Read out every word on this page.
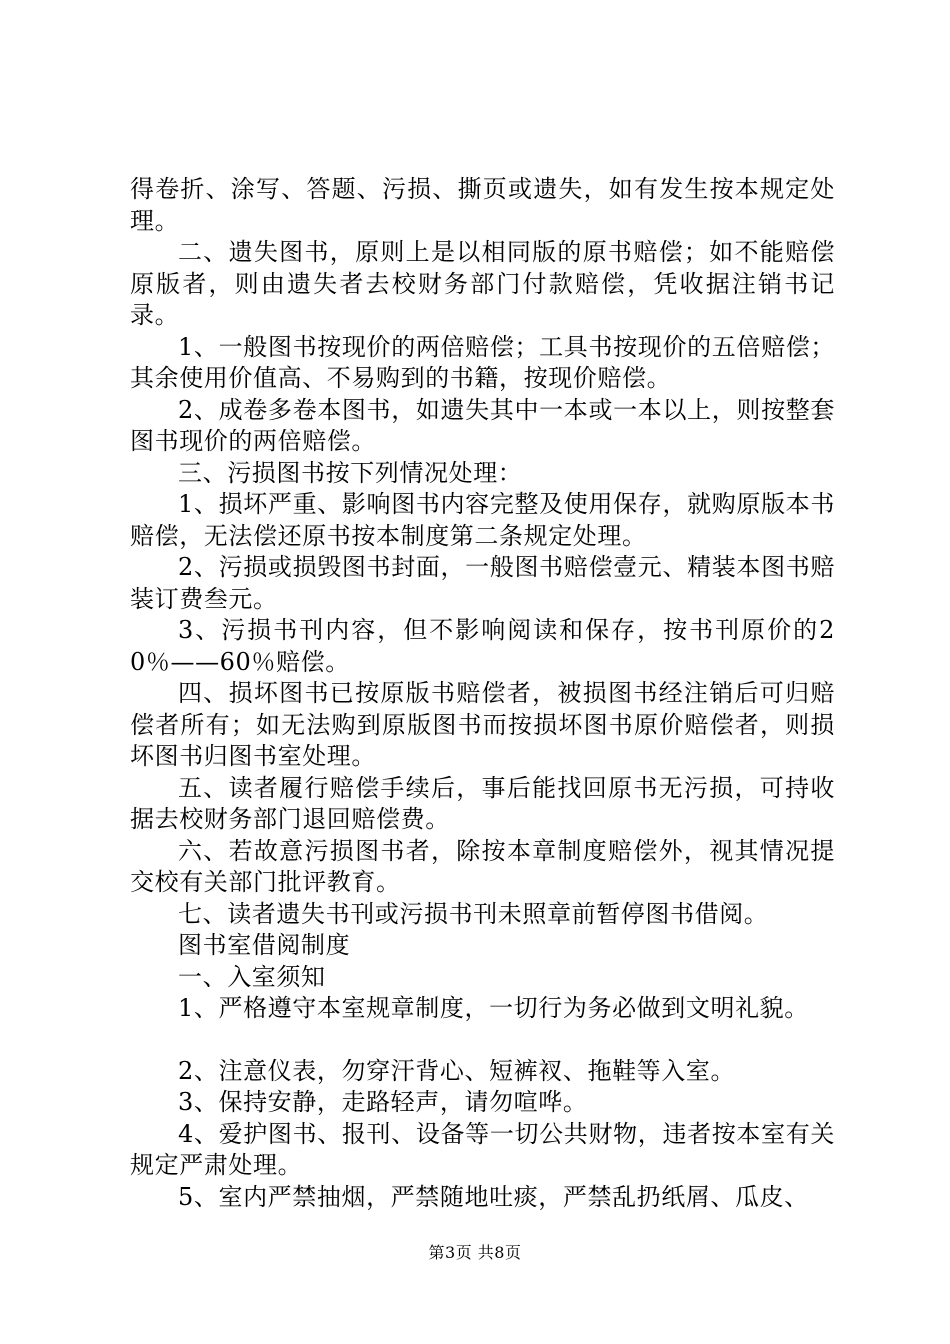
得卷折、涂写、答题、污损、撕页或遗失，如有发生按本规定处理。

二、遗失图书，原则上是以相同版的原书赔偿；如不能赔偿原版者，则由遗失者去校财务部门付款赔偿，凭收据注销书记录。

1、一般图书按现价的两倍赔偿；工具书按现价的五倍赔偿；其余使用价值高、不易购到的书籍，按现价赔偿。

2、成卷多卷本图书，如遗失其中一本或一本以上，则按整套图书现价的两倍赔偿。

三、污损图书按下列情况处理：

1、损坏严重、影响图书内容完整及使用保存，就购原版本书赔偿，无法偿还原书按本制度第二条规定处理。

2、污损或损毁图书封面，一般图书赔偿壹元、精装本图书赔装订费叁元。

3、污损书刊内容，但不影响阅读和保存，按书刊原价的20％——60％赔偿。

四、损坏图书已按原版书赔偿者，被损图书经注销后可归赔偿者所有；如无法购到原版图书而按损坏图书原价赔偿者，则损坏图书归图书室处理。

五、读者履行赔偿手续后，事后能找回原书无污损，可持收据去校财务部门退回赔偿费。

六、若故意污损图书者，除按本章制度赔偿外，视其情况提交校有关部门批评教育。

七、读者遗失书刊或污损书刊未照章前暂停图书借阅。

图书室借阅制度

一、入室须知

1、严格遵守本室规章制度，一切行为务必做到文明礼貌。

2、注意仪表，勿穿汗背心、短裤衩、拖鞋等入室。

3、保持安静，走路轻声，请勿喧哗。

4、爱护图书、报刊、设备等一切公共财物，违者按本室有关规定严肃处理。

5、室内严禁抽烟，严禁随地吐痰，严禁乱扔纸屑、瓜皮、

第3页 共8页
